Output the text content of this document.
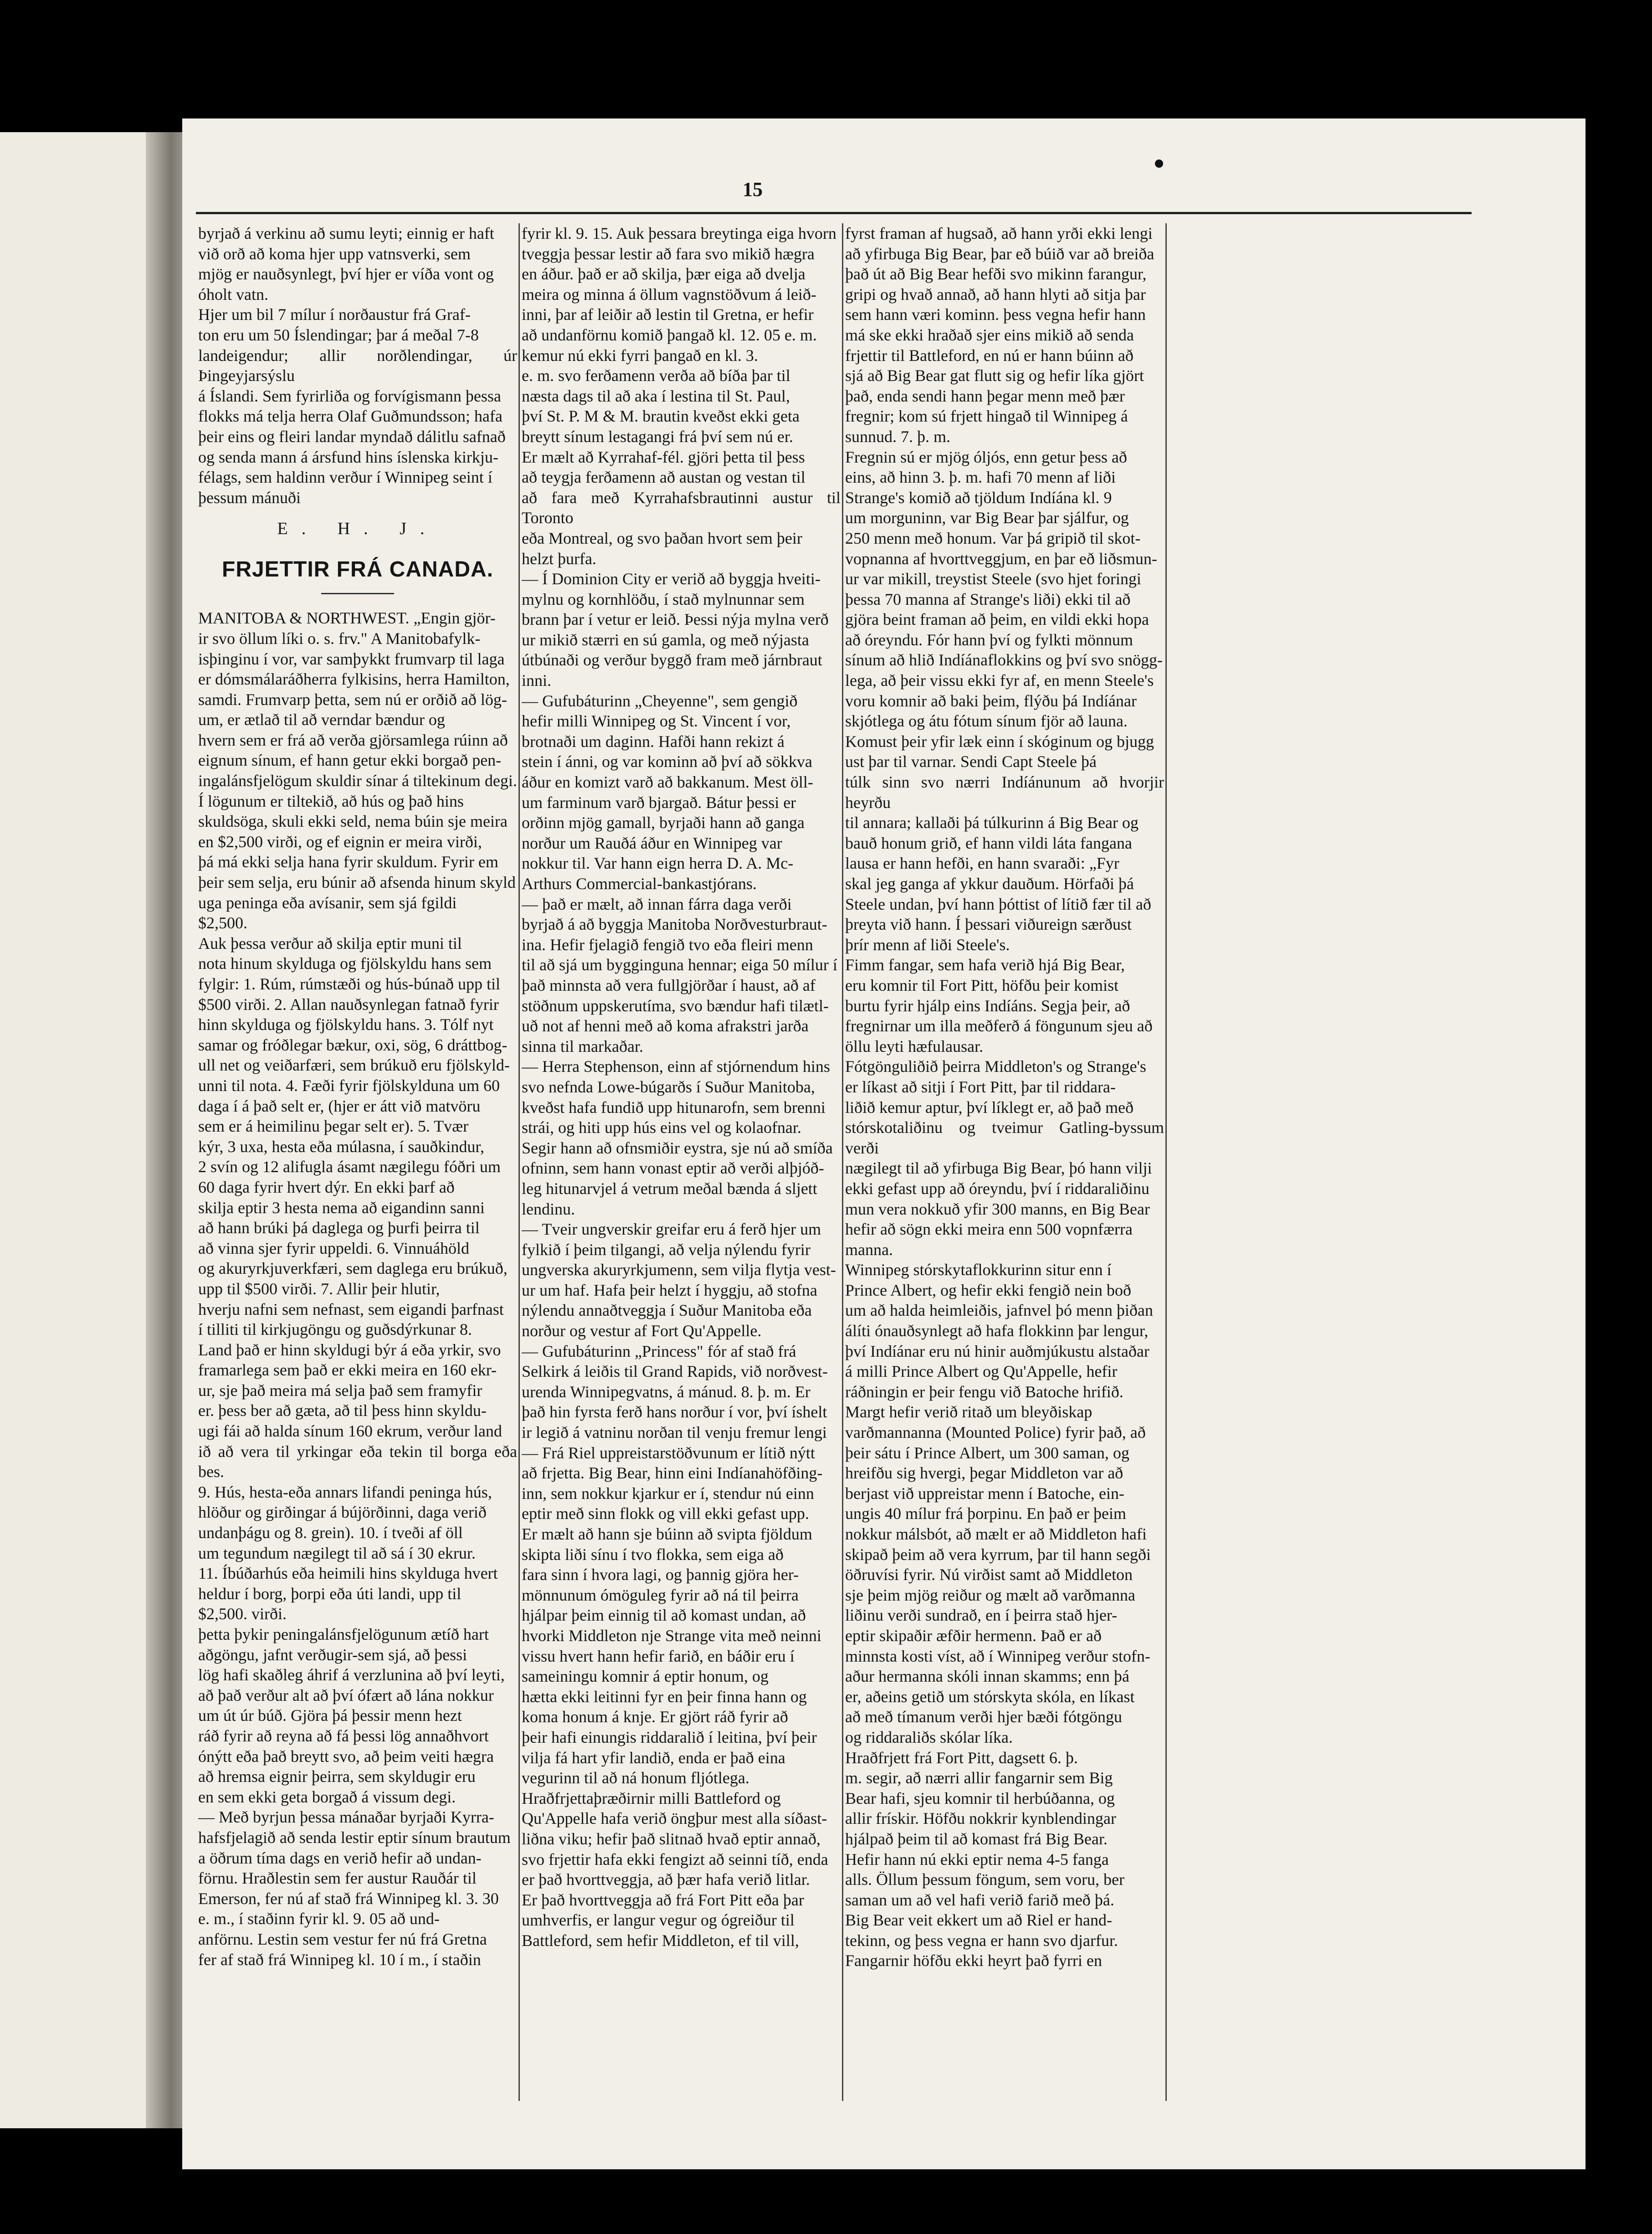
15

byrjað á verkinu að sumu leyti; einnig er haft

við orð að koma hjer upp vatnsverki, sem

mjög er nauðsynlegt, því hjer er víða vont og

óholt vatn.

Hjer um bil 7 mílur í norðaustur frá Graf-

ton eru um 50 Íslendingar; þar á meðal 7-8

landeigendur; allir norðlendingar, úr Þingeyjarsýslu

á Íslandi. Sem fyrirliða og forvígismann þessa

flokks má telja herra Olaf Guðmundsson; hafa

þeir eins og fleiri landar myndað dálitlu safnað

og senda mann á ársfund hins íslenska kirkju-

félags, sem haldinn verður í Winnipeg seint í

þessum mánuði

E. H. J.
FRJETTIR FRÁ CANADA.

MANITOBA & NORTHWEST. „Engin gjör-

ir svo öllum líki o. s. frv." A Manitobafylk-

isþinginu í vor, var samþykkt frumvarp til laga

er dómsmálaráðherra fylkisins, herra Hamilton,

samdi. Frumvarp þetta, sem nú er orðið að lög-

um, er ætlað til að verndar bændur og

hvern sem er frá að verða gjörsamlega rúinn að

eignum sínum, ef hann getur ekki borgað pen-

ingalánsfjelögum skuldir sínar á tiltekinum degi.

Í lögunum er tiltekið, að hús og það hins

skuldsöga, skuli ekki seld, nema búin sje meira

en $2,500 virði, og ef eignin er meira virði,

þá má ekki selja hana fyrir skuldum. Fyrir em

þeir sem selja, eru búnir að afsenda hinum skyld

uga peninga eða avísanir, sem sjá fgildi

$2,500.

Auk þessa verður að skilja eptir muni til

nota hinum skylduga og fjölskyldu hans sem

fylgir: 1. Rúm, rúmstæði og hús-búnað upp til

$500 virði. 2. Allan nauðsynlegan fatnað fyrir

hinn skylduga og fjölskyldu hans. 3. Tólf nyt

samar og fróðlegar bækur, oxi, sög, 6 dráttbog-

ull net og veiðarfæri, sem brúkuð eru fjölskyld-

unni til nota. 4. Fæði fyrir fjölskylduna um 60

daga í á það selt er, (hjer er átt við matvöru

sem er á heimilinu þegar selt er). 5. Tvær

kýr, 3 uxa, hesta eða múlasna, í sauðkindur,

2 svín og 12 alifugla ásamt nægilegu fóðri um

60 daga fyrir hvert dýr. En ekki þarf að

skilja eptir 3 hesta nema að eigandinn sanni

að hann brúki þá daglega og þurfi þeirra til

að vinna sjer fyrir uppeldi. 6. Vinnuáhöld

og akuryrkjuverkfæri, sem daglega eru brúkuð,

upp til $500 virði. 7. Allir þeir hlutir,

hverju nafni sem nefnast, sem eigandi þarfnast

í tilliti til kirkjugöngu og guðsdýrkunar 8.

Land það er hinn skyldugi býr á eða yrkir, svo

framarlega sem það er ekki meira en 160 ekr-

ur, sje það meira má selja það sem framyfir

er. þess ber að gæta, að til þess hinn skyldu-

ugi fái að halda sínum 160 ekrum, verður land

ið að vera til yrkingar eða tekin til borga eða bes.

9. Hús, hesta-eða annars lifandi peninga hús,

hlöður og girðingar á bújörðinni, daga verið

undanþágu og 8. grein). 10. í tveði af öll

um tegundum nægilegt til að sá í 30 ekrur.

11. Íbúðarhús eða heimili hins skylduga hvert

heldur í borg, þorpi eða úti landi, upp til

$2,500. virði.

þetta þykir peningalánsfjelögunum ætíð hart

aðgöngu, jafnt verðugir-sem sjá, að þessi

lög hafi skaðleg áhrif á verzlunina að því leyti,

að það verður alt að því ófært að lána nokkur

um út úr búð. Gjöra þá þessir menn hezt

ráð fyrir að reyna að fá þessi lög annaðhvort

ónýtt eða það breytt svo, að þeim veiti hægra

að hremsa eignir þeirra, sem skyldugir eru

en sem ekki geta borgað á vissum degi.

— Með byrjun þessa mánaðar byrjaði Kyrra-

hafsfjelagið að senda lestir eptir sínum brautum

a öðrum tíma dags en verið hefir að undan-

förnu. Hraðlestin sem fer austur Rauðár til

Emerson, fer nú af stað frá Winnipeg kl. 3. 30

e. m., í staðinn fyrir kl. 9. 05 að und-

anförnu. Lestin sem vestur fer nú frá Gretna

fer af stað frá Winnipeg kl. 10 í m., í staðin

fyrir kl. 9. 15. Auk þessara breytinga eiga hvorn

tveggja þessar lestir að fara svo mikið hægra

en áður. það er að skilja, þær eiga að dvelja

meira og minna á öllum vagnstöðvum á leið-

inni, þar af leiðir að lestin til Gretna, er hefir

að undanförnu komið þangað kl. 12. 05 e. m.

kemur nú ekki fyrri þangað en kl. 3.

e. m. svo ferðamenn verða að bíða þar til

næsta dags til að aka í lestina til St. Paul,

því St. P. M & M. brautin kveðst ekki geta

breytt sínum lestagangi frá því sem nú er.

Er mælt að Kyrrahaf-fél. gjöri þetta til þess

að teygja ferðamenn að austan og vestan til

að fara með Kyrrahafsbrautinni austur til Toronto

eða Montreal, og svo þaðan hvort sem þeir

helzt þurfa.

— Í Dominion City er verið að byggja hveiti-

mylnu og kornhlöðu, í stað mylnunnar sem

brann þar í vetur er leið. Þessi nýja mylna verð

ur mikið stærri en sú gamla, og með nýjasta

útbúnaði og verður byggð fram með járnbraut

inni.

— Gufubáturinn „Cheyenne", sem gengið

hefir milli Winnipeg og St. Vincent í vor,

brotnaði um daginn. Hafði hann rekizt á

stein í ánni, og var kominn að því að sökkva

áður en komizt varð að bakkanum. Mest öll-

um farminum varð bjargað. Bátur þessi er

orðinn mjög gamall, byrjaði hann að ganga

norður um Rauðá áður en Winnipeg var

nokkur til. Var hann eign herra D. A. Mc-

Arthurs Commercial-bankastjórans.

— það er mælt, að innan fárra daga verði

byrjað á að byggja Manitoba Norðvesturbraut-

ina. Hefir fjelagið fengið tvo eða fleiri menn

til að sjá um bygginguna hennar; eiga 50 mílur í

það minnsta að vera fullgjörðar í haust, að af

stöðnum uppskerutíma, svo bændur hafi tilætl-

uð not af henni með að koma afrakstri jarða

sinna til markaðar.

— Herra Stephenson, einn af stjórnendum hins

svo nefnda Lowe-búgarðs í Suður Manitoba,

kveðst hafa fundið upp hitunarofn, sem brenni

strái, og hiti upp hús eins vel og kolaofnar.

Segir hann að ofnsmiðir eystra, sje nú að smíða

ofninn, sem hann vonast eptir að verði alþjóð-

leg hitunarvjel á vetrum meðal bænda á sljett

lendinu.

— Tveir ungverskir greifar eru á ferð hjer um

fylkið í þeim tilgangi, að velja nýlendu fyrir

ungverska akuryrkjumenn, sem vilja flytja vest-

ur um haf. Hafa þeir helzt í hyggju, að stofna

nýlendu annaðtveggja í Suður Manitoba eða

norður og vestur af Fort Qu'Appelle.

— Gufubáturinn „Princess" fór af stað frá

Selkirk á leiðis til Grand Rapids, við norðvest-

urenda Winnipegvatns, á mánud. 8. þ. m. Er

það hin fyrsta ferð hans norður í vor, því íshelt

ir legið á vatninu norðan til venju fremur lengi

— Frá Riel uppreistarstöðvunum er lítið nýtt

að frjetta. Big Bear, hinn eini Indíanahöfðing-

inn, sem nokkur kjarkur er í, stendur nú einn

eptir með sinn flokk og vill ekki gefast upp.

Er mælt að hann sje búinn að svipta fjöldum

skipta liði sínu í tvo flokka, sem eiga að

fara sinn í hvora lagi, og þannig gjöra her-

mönnunum ómöguleg fyrir að ná til þeirra

hjálpar þeim einnig til að komast undan, að

hvorki Middleton nje Strange vita með neinni

vissu hvert hann hefir farið, en báðir eru í

sameiningu komnir á eptir honum, og

hætta ekki leitinni fyr en þeir finna hann og

koma honum á knje. Er gjört ráð fyrir að

þeir hafi einungis riddaralið í leitina, því þeir

vilja fá hart yfir landið, enda er það eina

vegurinn til að ná honum fljótlega.

Hraðfrjettaþræðirnir milli Battleford og

Qu'Appelle hafa verið öngþur mest alla síðast-

liðna viku; hefir það slitnað hvað eptir annað,

svo frjettir hafa ekki fengizt að seinni tíð, enda

er það hvorttveggja, að þær hafa verið litlar.

Er það hvorttveggja að frá Fort Pitt eða þar

umhverfis, er langur vegur og ógreiður til

Battleford, sem hefir Middleton, ef til vill,

fyrst framan af hugsað, að hann yrði ekki lengi

að yfirbuga Big Bear, þar eð búið var að breiða

það út að Big Bear hefði svo mikinn farangur,

gripi og hvað annað, að hann hlyti að sitja þar

sem hann væri kominn. þess vegna hefir hann

má ske ekki hraðað sjer eins mikið að senda

frjettir til Battleford, en nú er hann búinn að

sjá að Big Bear gat flutt sig og hefir líka gjört

það, enda sendi hann þegar menn með þær

fregnir; kom sú frjett hingað til Winnipeg á

sunnud. 7. þ. m.

Fregnin sú er mjög óljós, enn getur þess að

eins, að hinn 3. þ. m. hafi 70 menn af liði

Strange's komið að tjöldum Indíána kl. 9

um morguninn, var Big Bear þar sjálfur, og

250 menn með honum. Var þá gripið til skot-

vopnanna af hvorttveggjum, en þar eð liðsmun-

ur var mikill, treystist Steele (svo hjet foringi

þessa 70 manna af Strange's liði) ekki til að

gjöra beint framan að þeim, en vildi ekki hopa

að óreyndu. Fór hann því og fylkti mönnum

sínum að hlið Indíánaflokkins og því svo snögg-

lega, að þeir vissu ekki fyr af, en menn Steele's

voru komnir að baki þeim, flýðu þá Indíánar

skjótlega og átu fótum sínum fjör að launa.

Komust þeir yfir læk einn í skóginum og bjugg

ust þar til varnar. Sendi Capt Steele þá

túlk sinn svo nærri Indíánunum að hvorjir heyrðu

til annara; kallaði þá túlkurinn á Big Bear og

bauð honum grið, ef hann vildi láta fangana

lausa er hann hefði, en hann svaraði: „Fyr

skal jeg ganga af ykkur dauðum. Hörfaði þá

Steele undan, því hann þóttist of lítið fær til að

þreyta við hann. Í þessari viðureign særðust

þrír menn af liði Steele's.

Fimm fangar, sem hafa verið hjá Big Bear,

eru komnir til Fort Pitt, höfðu þeir komist

burtu fyrir hjálp eins Indíáns. Segja þeir, að

fregnirnar um illa meðferð á föngunum sjeu að

öllu leyti hæfulausar.

Fótgönguliðið þeirra Middleton's og Strange's

er líkast að sitji í Fort Pitt, þar til riddara-

liðið kemur aptur, því líklegt er, að það með

stórskotaliðinu og tveimur Gatling-byssum verði

nægilegt til að yfirbuga Big Bear, þó hann vilji

ekki gefast upp að óreyndu, því í riddaraliðinu

mun vera nokkuð yfir 300 manns, en Big Bear

hefir að sögn ekki meira enn 500 vopnfærra

manna.

Winnipeg stórskytaflokkurinn situr enn í

Prince Albert, og hefir ekki fengið nein boð

um að halda heimleiðis, jafnvel þó menn þiðan

álíti ónauðsynlegt að hafa flokkinn þar lengur,

því Indíánar eru nú hinir auðmjúkustu alstaðar

á milli Prince Albert og Qu'Appelle, hefir

ráðningin er þeir fengu við Batoche hrifið.

Margt hefir verið ritað um bleyðiskap

varðmannanna (Mounted Police) fyrir það, að

þeir sátu í Prince Albert, um 300 saman, og

hreifðu sig hvergi, þegar Middleton var að

berjast við uppreistar menn í Batoche, ein-

ungis 40 mílur frá þorpinu. En það er þeim

nokkur málsbót, að mælt er að Middleton hafi

skipað þeim að vera kyrrum, þar til hann segði

öðruvísi fyrir. Nú virðist samt að Middleton

sje þeim mjög reiður og mælt að varðmanna

liðinu verði sundrað, en í þeirra stað hjer-

eptir skipaðir æfðir hermenn. Það er að

minnsta kosti víst, að í Winnipeg verður stofn-

aður hermanna skóli innan skamms; enn þá

er, aðeins getið um stórskyta skóla, en líkast

að með tímanum verði hjer bæði fótgöngu

og riddaraliðs skólar líka.

Hraðfrjett frá Fort Pitt, dagsett 6. þ.

m. segir, að nærri allir fangarnir sem Big

Bear hafi, sjeu komnir til herbúðanna, og

allir frískir. Höfðu nokkrir kynblendingar

hjálpað þeim til að komast frá Big Bear.

Hefir hann nú ekki eptir nema 4-5 fanga

alls. Öllum þessum föngum, sem voru, ber

saman um að vel hafi verið farið með þá.

Big Bear veit ekkert um að Riel er hand-

tekinn, og þess vegna er hann svo djarfur.

Fangarnir höfðu ekki heyrt það fyrri en
